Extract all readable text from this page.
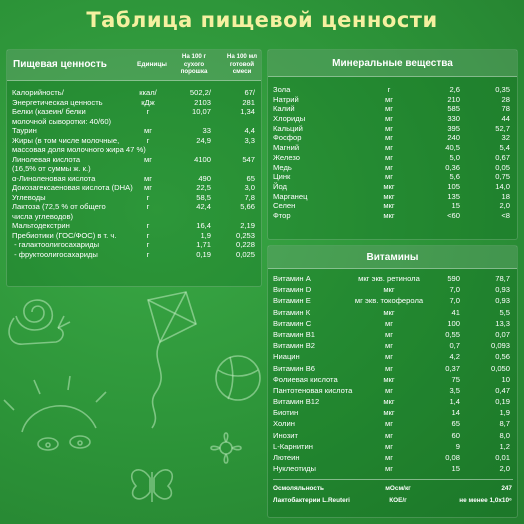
Таблица пищевой ценности
Пищевая ценность	Единицы
На 100 г
сухого
порошка
На 100 мл
готовой
смеси
Калорийность/	ккал/	502,2/	67/
Энергетическая ценность	кДж	2103	281
Белки (казеин/ белки	г	10,07	1,34
молочной сыворотки: 40/60)
Таурин	мг	33	4,4
Жиры (в том числе молочные,	г	24,9	3,3
массовая доля молочного жира 47 %)
Линолевая кислота	мг	4100	547
(16,5% от суммы ж. к.)
α-Линоленовая кислота	мг	490	65
Докозагексаеновая кислота (DHA)	мг	22,5	3,0
Углеводы	г	58,5	7,8
Лактоза (72,5 % от общего	г	42,4	5,66
числа углеводов)
Мальтодекстрин	г	16,4	2,19
Пребиотики (ГОС/ФОС) в т. ч.	г	1,9	0,253
- галактоолигосахариды	г	1,71	0,228
- фруктоолигосахариды	г	0,19	0,025
Минеральные вещества
Зола	г	2,6	0,35
Натрий	мг	210	28
Калий	мг	585	78
Хлориды	мг	330	44
Кальций	мг	395	52,7
Фосфор	мг	240	32
Магний	мг	40,5	5,4
Железо	мг	5,0	0,67
Медь	мг	0,36	0,05
Цинк	мг	5,6	0,75
Йод	мкг	105	14,0
Марганец	мкг	135	18
Селен	мкг	15	2,0
Фтор	мкг	<60	<8
Витамины
Витамин А	мкг экв. ретинола	590	78,7
Витамин D	мкг	7,0	0,93
Витамин Е	мг экв. токоферола	7,0	0,93
Витамин К	мкг	41	5,5
Витамин С	мг	100	13,3
Витамин В1	мг	0,55	0,07
Витамин В2	мг	0,7	0,093
Ниацин	мг	4,2	0,56
Витамин В6	мг	0,37	0,050
Фолиевая кислота	мкг	75	10
Пантотеновая кислота	мг	3,5	0,47
Витамин В12	мкг	1,4	0,19
Биотин	мкг	14	1,9
Холин	мг	65	8,7
Инозит	мг	60	8,0
L-Карнитин	мг	9	1,2
Лютеин	мг	0,08	0,01
Нуклеотиды	мг	15	2,0
Осмоляльность	мОсм/кг	247
Лактобактерии L.Reuteri	КОЕ/г	не менее 1,0х10⁶
